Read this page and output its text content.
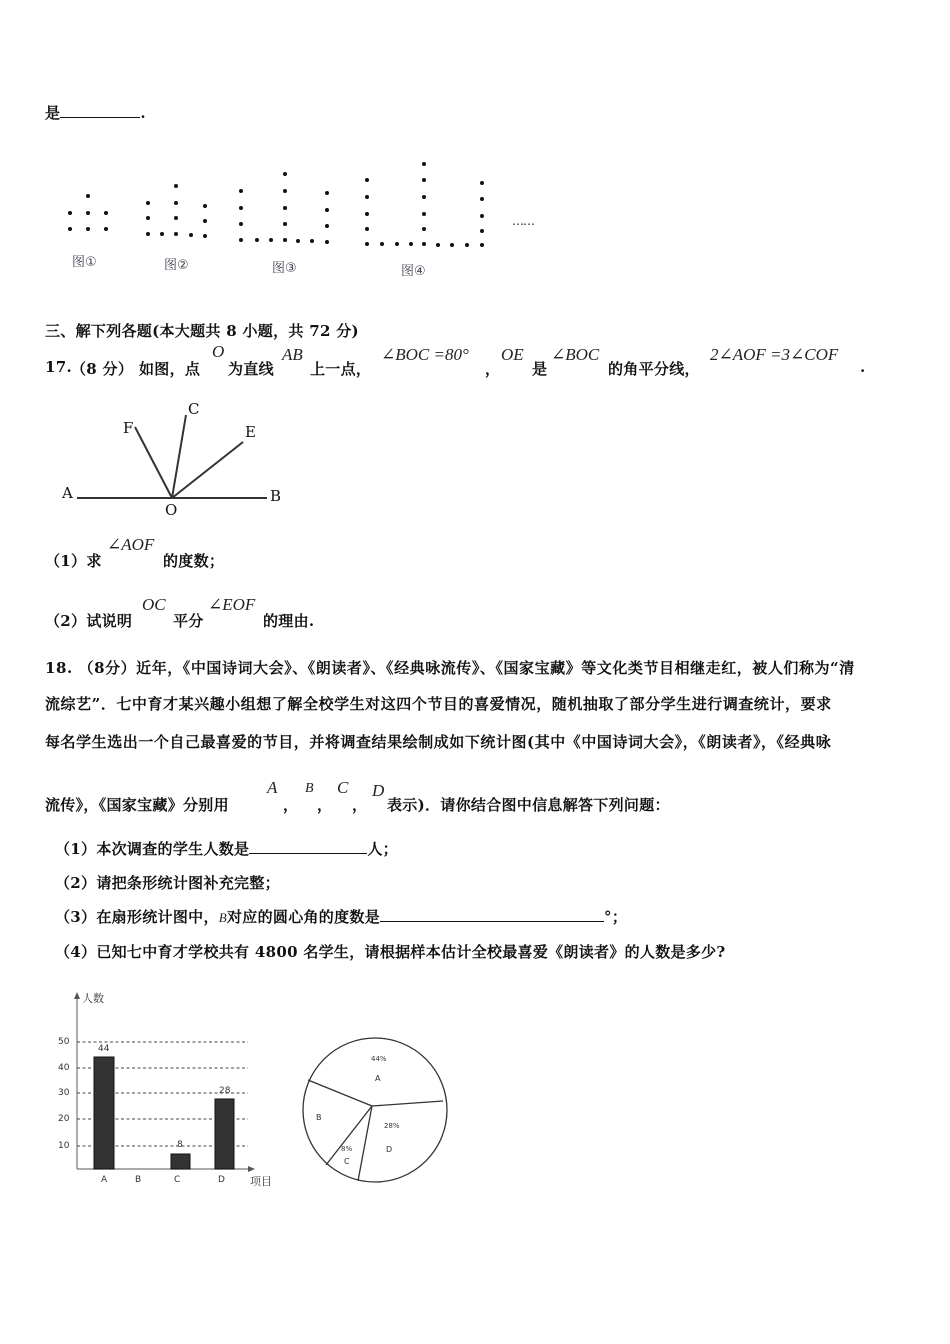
是	.
图①	图②	图③	图④
……
三、解下列各题(本大题共 8 小题，共 72 分)
17. （8 分） 如图，点
O
为直线
AB
上一点，
∠BOC =80°
，
OE
是
∠BOC
的角平分线，
2∠AOF =3∠COF
.
A	B
O
C
E
F
（1）求
∠AOF
的度数；
（2）试说明
OC
平分
∠EOF
的理由.
18. （8分）近年，《中国诗词大会》、《朗读者》、《经典咏流传》、《国家宝藏》等文化类节目相继走红，被人们称为“清
流综艺”．七中育才某兴趣小组想了解全校学生对这四个节目的喜爱情况，随机抽取了部分学生进行调查统计，要求
每名学生选出一个自己最喜爱的节目，并将调查结果绘制成如下统计图(其中《中国诗词大会》，《朗读者》，《经典咏
流传》，《国家宝藏》分别用
A
，
B
，
C
，
D
表示)．请你结合图中信息解答下列问题：
（1）本次调查的学生人数是	人；
（2）请把条形统计图补充完整；
（3）在扇形统计图中，B对应的圆心角的度数是	°；
（4）已知七中育才学校共有 4800 名学生，请根据样本估计全校最喜爱《朗读者》的人数是多少?
人数
50
40
30
20
10
44
8
28
A	B	C	D 项目
44%
A
B
8%
C
28%
D
